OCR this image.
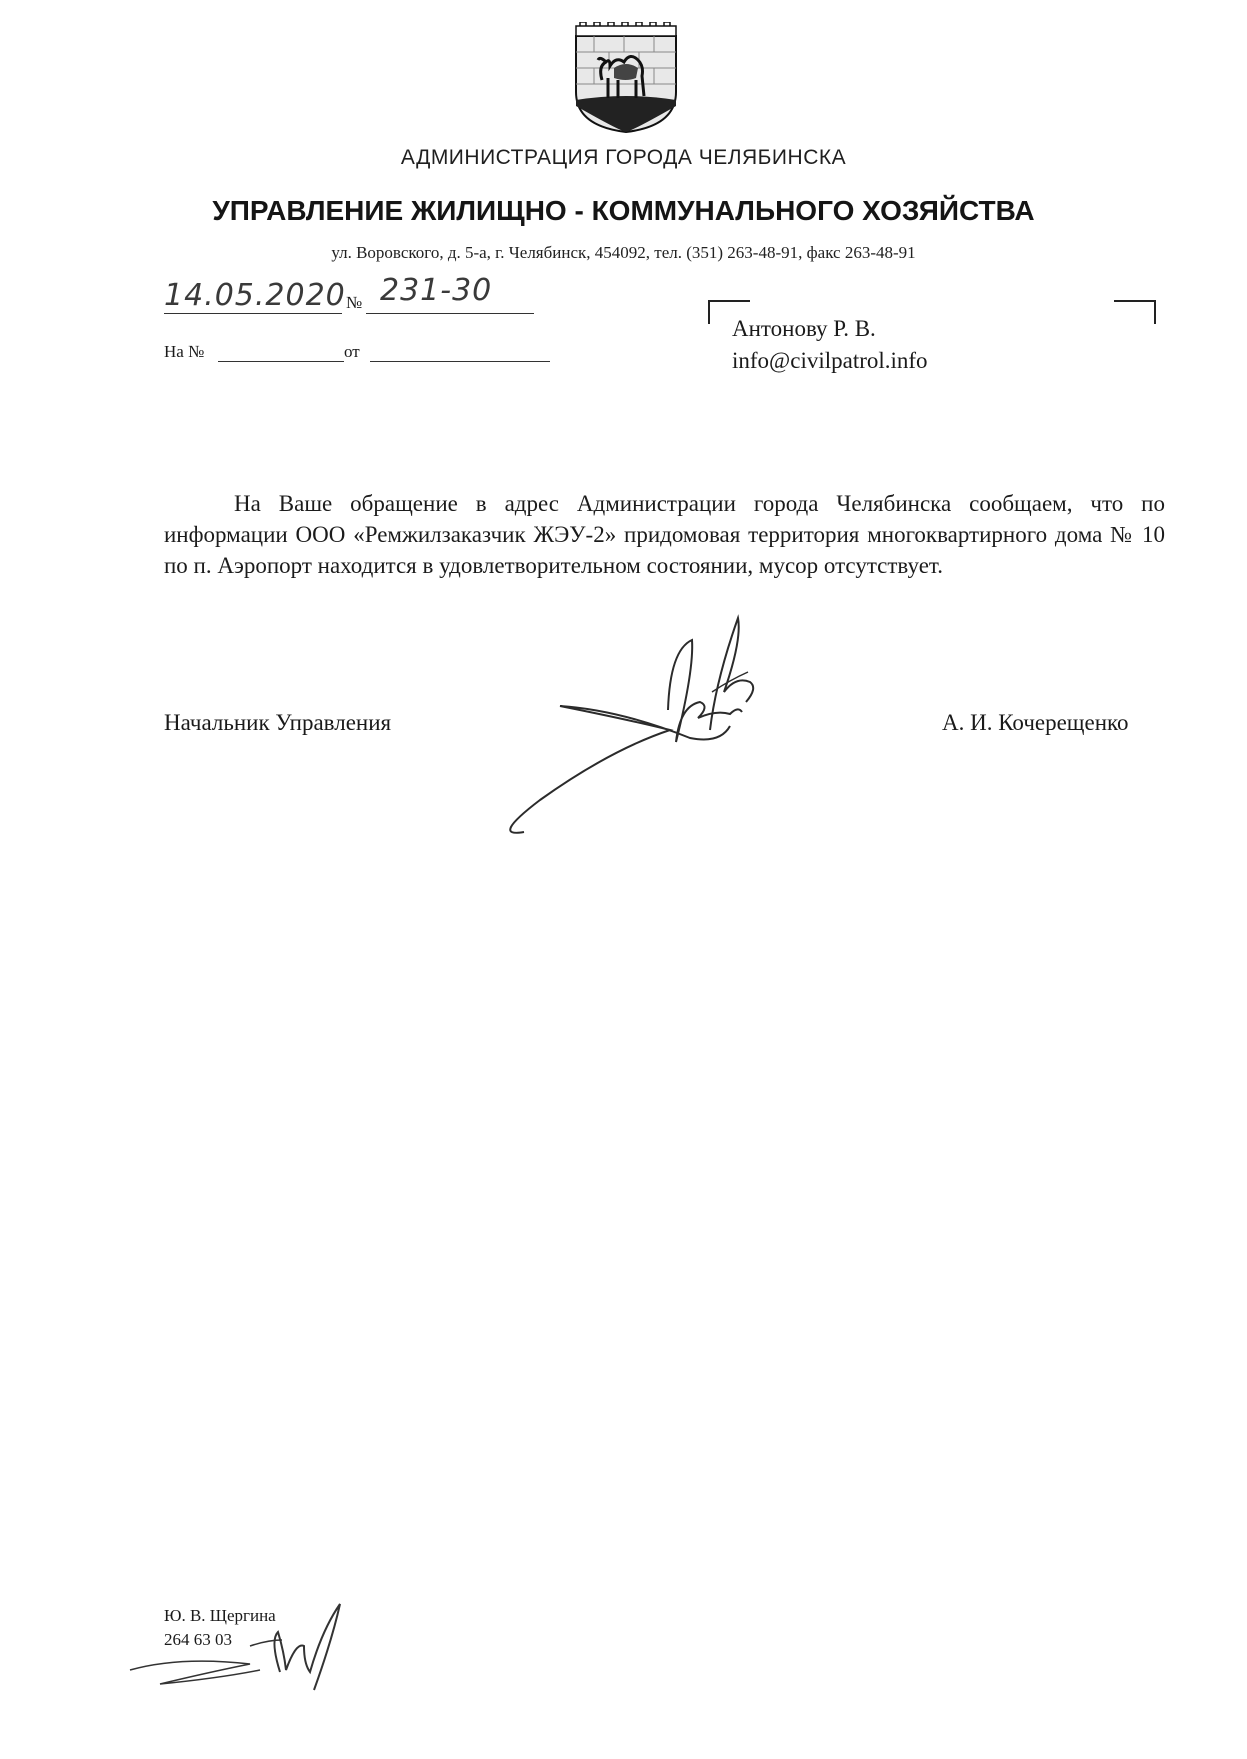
АДМИНИСТРАЦИЯ ГОРОДА ЧЕЛЯБИНСКА
УПРАВЛЕНИЕ ЖИЛИЩНО - КОММУНАЛЬНОГО ХОЗЯЙСТВА
ул. Воровского, д. 5-а, г. Челябинск, 454092, тел. (351) 263-48-91, факс 263-48-91
14.05.2020 № 231-30
На №	от
Антонову Р. В.
info@civilpatrol.info
На Ваше обращение в адрес Администрации города Челябинска сообщаем, что по информации ООО «Ремжилзаказчик ЖЭУ-2» придомовая территория многоквартирного дома № 10 по п. Аэропорт находится в удовлетворительном состоянии, мусор отсутствует.
Начальник Управления	А. И. Кочерещенко
Ю. В. Щергина
264 63 03
